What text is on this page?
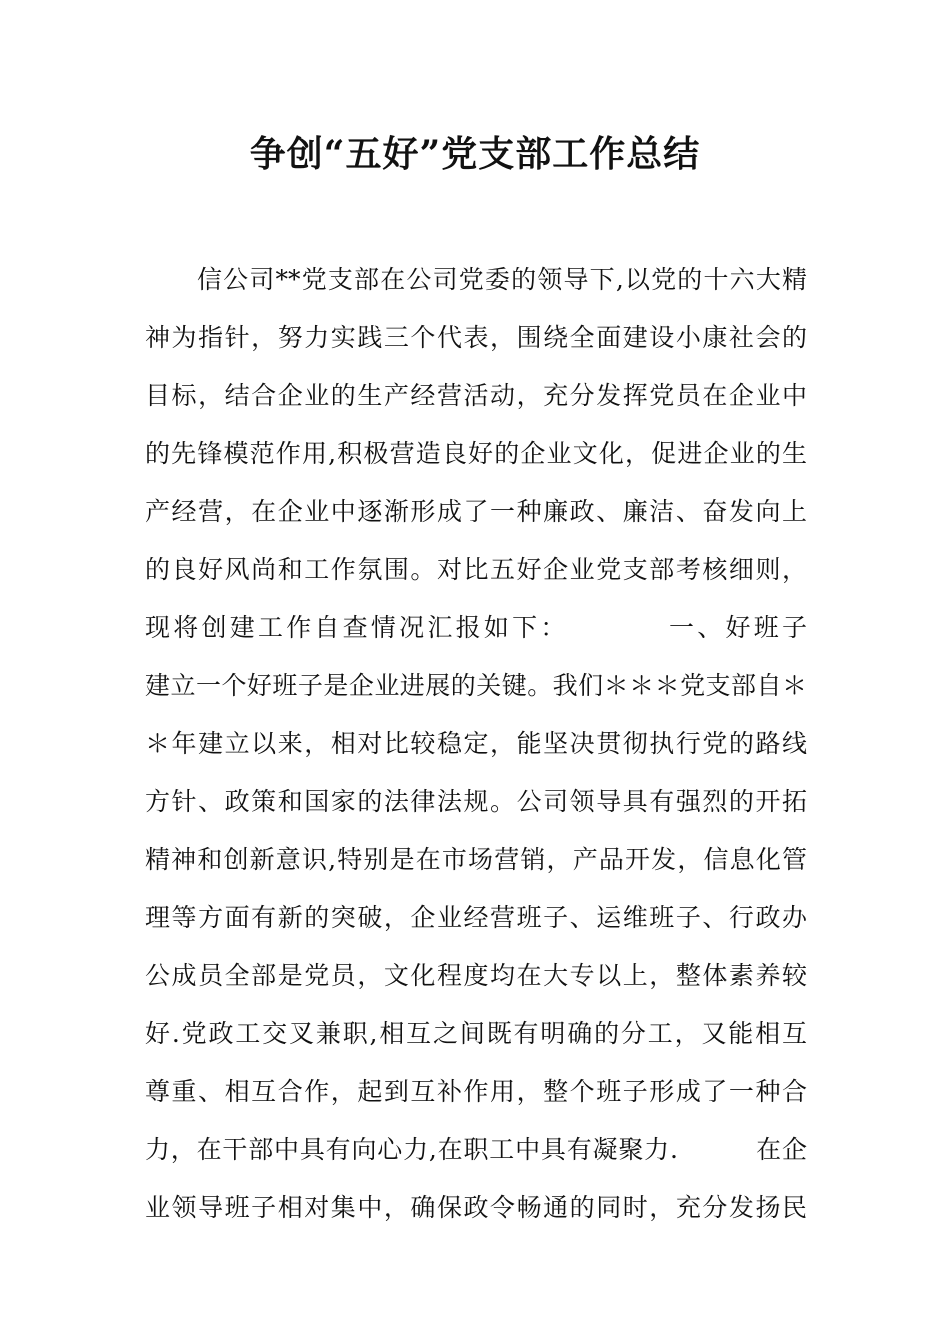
争创“五好”党支部工作总结
信公司**党支部在公司党委的领导下,以党的十六大精
神为指针，努力实践三个代表，围绕全面建设小康社会的
目标，结合企业的生产经营活动，充分发挥党员在企业中
的先锋模范作用,积极营造良好的企业文化，促进企业的生
产经营，在企业中逐渐形成了一种廉政、廉洁、奋发向上
的良好风尚和工作氛围。对比五好企业党支部考核细则，
现将创建工作自查情况汇报如下：　　　　一、好班子
建立一个好班子是企业进展的关键。我们＊＊＊党支部自＊
＊年建立以来，相对比较稳定，能坚决贯彻执行党的路线
方针、政策和国家的法律法规。公司领导具有强烈的开拓
精神和创新意识,特别是在市场营销，产品开发，信息化管
理等方面有新的突破，企业经营班子、运维班子、行政办
公成员全部是党员，文化程度均在大专以上，整体素养较
好.党政工交叉兼职,相互之间既有明确的分工，又能相互
尊重、相互合作，起到互补作用，整个班子形成了一种合
力，在干部中具有向心力,在职工中具有凝聚力.　　　在企
业领导班子相对集中，确保政令畅通的同时，充分发扬民
